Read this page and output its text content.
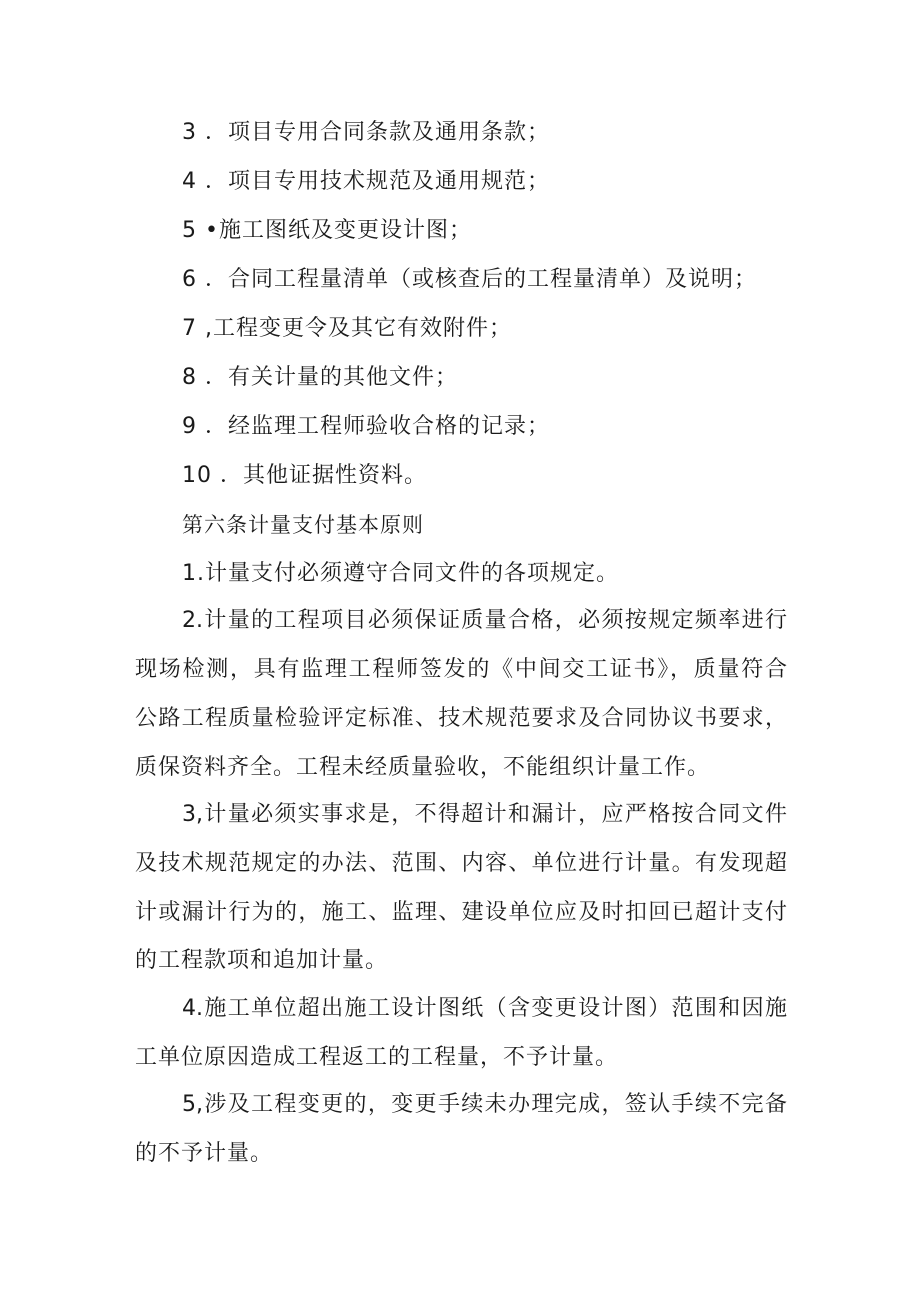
3 ．项目专用合同条款及通用条款；
4 ．项目专用技术规范及通用规范；
5 •施工图纸及变更设计图；
6 ．合同工程量清单（或核查后的工程量清单）及说明；
7 ,工程变更令及其它有效附件；
8 ．有关计量的其他文件；
9 ．经监理工程师验收合格的记录；
10 ．其他证据性资料。
第六条计量支付基本原则
1.计量支付必须遵守合同文件的各项规定。
2.计量的工程项目必须保证质量合格，必须按规定频率进行
现场检测，具有监理工程师签发的《中间交工证书》，质量符合
公路工程质量检验评定标准、技术规范要求及合同协议书要求，
质保资料齐全。工程未经质量验收，不能组织计量工作。
3,计量必须实事求是，不得超计和漏计，应严格按合同文件
及技术规范规定的办法、范围、内容、单位进行计量。有发现超
计或漏计行为的，施工、监理、建设单位应及时扣回已超计支付
的工程款项和追加计量。
4.施工单位超出施工设计图纸（含变更设计图）范围和因施
工单位原因造成工程返工的工程量，不予计量。
5,涉及工程变更的，变更手续未办理完成，签认手续不完备
的不予计量。
